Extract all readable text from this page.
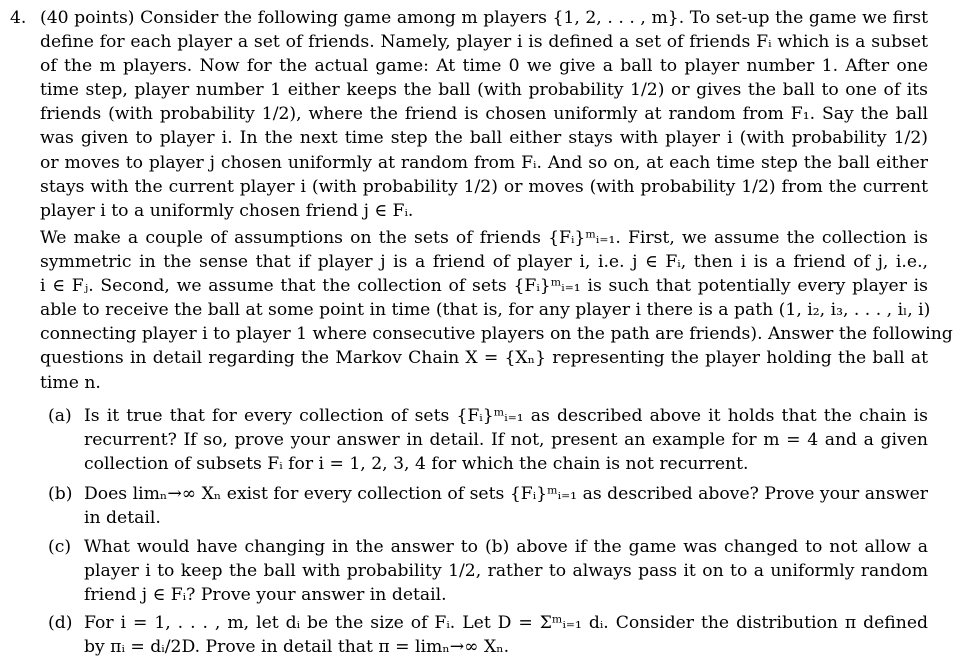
4. (40 points) Consider the following game among m players {1, 2, . . . , m}. To set-up the game we first
define for each player a set of friends. Namely, player i is defined a set of friends Fᵢ which is a subset
of the m players. Now for the actual game: At time 0 we give a ball to player number 1. After one
time step, player number 1 either keeps the ball (with probability 1/2) or gives the ball to one of its
friends (with probability 1/2), where the friend is chosen uniformly at random from F₁. Say the ball
was given to player i. In the next time step the ball either stays with player i (with probability 1/2)
or moves to player j chosen uniformly at random from Fᵢ. And so on, at each time step the ball either
stays with the current player i (with probability 1/2) or moves (with probability 1/2) from the current
player i to a uniformly chosen friend j ∈ Fᵢ.
We make a couple of assumptions on the sets of friends {Fᵢ}ᵐᵢ₌₁. First, we assume the collection is
symmetric in the sense that if player j is a friend of player i, i.e. j ∈ Fᵢ, then i is a friend of j, i.e.,
i ∈ Fⱼ. Second, we assume that the collection of sets {Fᵢ}ᵐᵢ₌₁ is such that potentially every player is
able to receive the ball at some point in time (that is, for any player i there is a path (1, i₂, i₃, . . . , iₗ, i)
connecting player i to player 1 where consecutive players on the path are friends). Answer the following
questions in detail regarding the Markov Chain X = {Xₙ} representing the player holding the ball at
time n.
(a) Is it true that for every collection of sets {Fᵢ}ᵐᵢ₌₁ as described above it holds that the chain is
recurrent? If so, prove your answer in detail. If not, present an example for m = 4 and a given
collection of subsets Fᵢ for i = 1, 2, 3, 4 for which the chain is not recurrent.
(b) Does limₙ→∞ Xₙ exist for every collection of sets {Fᵢ}ᵐᵢ₌₁ as described above? Prove your answer
in detail.
(c) What would have changing in the answer to (b) above if the game was changed to not allow a
player i to keep the ball with probability 1/2, rather to always pass it on to a uniformly random
friend j ∈ Fᵢ? Prove your answer in detail.
(d) For i = 1, . . . , m, let dᵢ be the size of Fᵢ. Let D = Σᵐᵢ₌₁ dᵢ. Consider the distribution π defined
by πᵢ = dᵢ/2D. Prove in detail that π = limₙ→∞ Xₙ.
